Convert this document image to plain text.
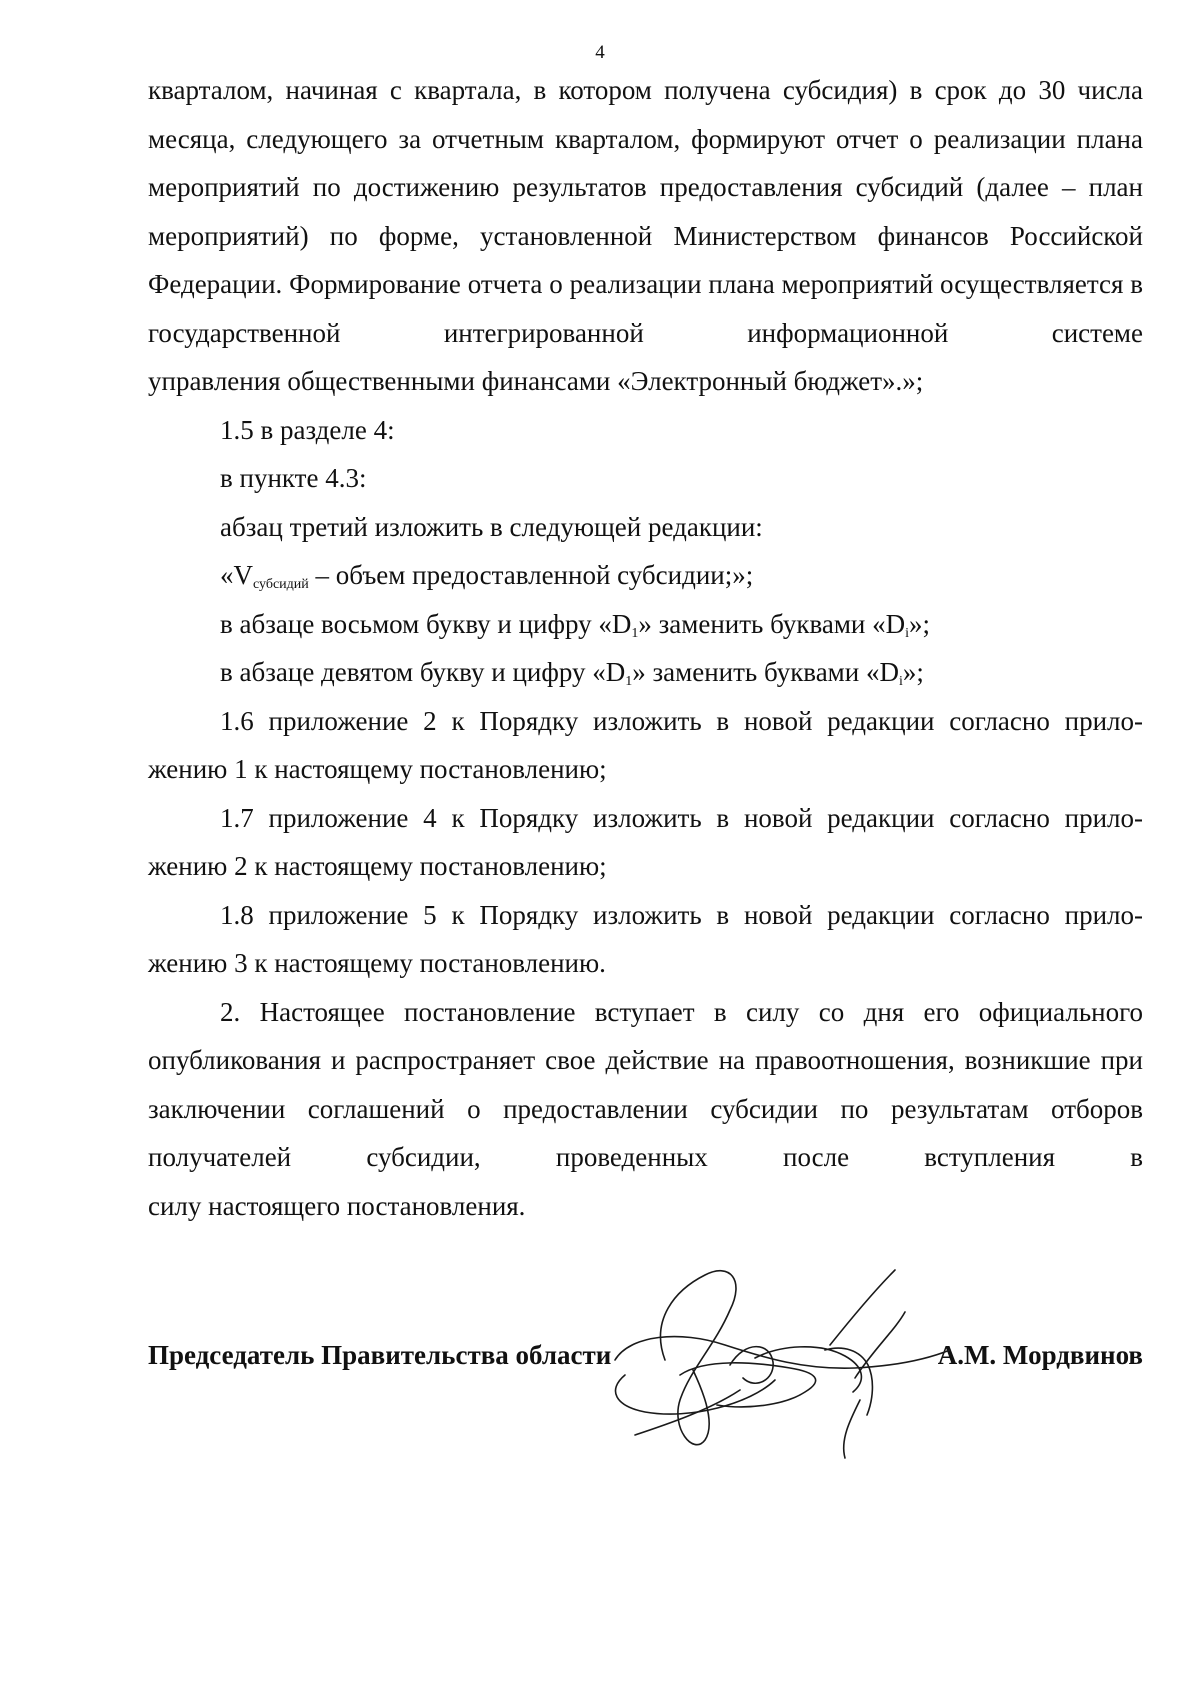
4

кварталом, начиная с квартала, в котором получена субсидия) в срок до 30 числа месяца, следующего за отчетным кварталом, формируют отчет о реализации плана мероприятий по достижению результатов предоставления субсидий (далее – план мероприятий) по форме, установленной Министерством финансов Российской Федерации. Формирование отчета о реализации плана мероприятий осуществляется в государственной интегрированной информационной системе

управления общественными финансами «Электронный бюджет».»;

1.5 в разделе 4:

в пункте 4.3:

абзац третий изложить в следующей редакции:

«$V_{субсидий}$ – объем предоставленной субсидии;»;

в абзаце восьмом букву и цифру «$D_1$» заменить буквами «$D_i$»;

в абзаце девятом букву и цифру «$D_1$» заменить буквами «$D_i$»;

1.6 приложение 2 к Порядку изложить в новой редакции согласно прило-

жению 1 к настоящему постановлению;

1.7 приложение 4 к Порядку изложить в новой редакции согласно прило-

жению 2 к настоящему постановлению;

1.8 приложение 5 к Порядку изложить в новой редакции согласно прило-

жению 3 к настоящему постановлению.

2. Настоящее постановление вступает в силу со дня его официального опубликования и распространяет свое действие на правоотношения, возникшие при заключении соглашений о предоставлении субсидии по результатам отборов получателей субсидии, проведенных после вступления в

силу настоящего постановления.

Председатель Правительства области	А.М. Мордвинов
